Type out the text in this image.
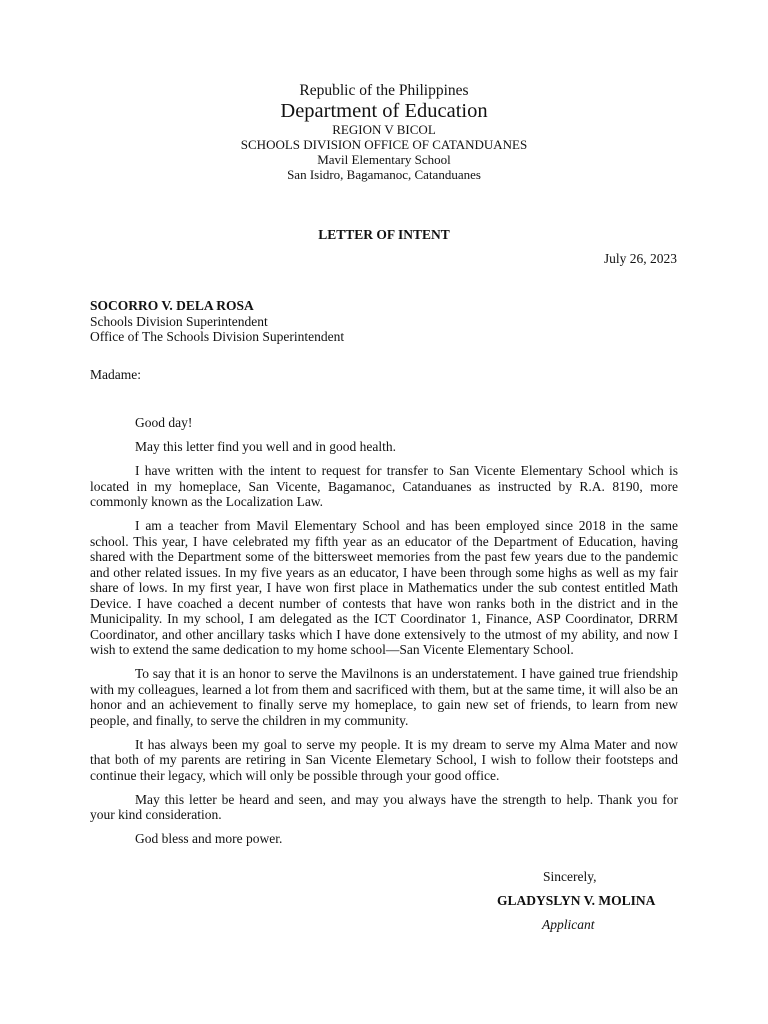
Republic of the Philippines
Department of Education
REGION V BICOL
SCHOOLS DIVISION OFFICE OF CATANDUANES
Mavil Elementary School
San Isidro, Bagamanoc, Catanduanes
LETTER OF INTENT
July 26, 2023
SOCORRO V. DELA ROSA
Schools Division Superintendent
Office of The Schools Division Superintendent
Madame:

Good day!

May this letter find you well and in good health.

I have written with the intent to request for transfer to San Vicente Elementary School which is located in my homeplace, San Vicente, Bagamanoc, Catanduanes as instructed by R.A. 8190, more commonly known as the Localization Law.

I am a teacher from Mavil Elementary School and has been employed since 2018 in the same school. This year, I have celebrated my fifth year as an educator of the Department of Education, having shared with the Department some of the bittersweet memories from the past few years due to the pandemic and other related issues. In my five years as an educator, I have been through some highs as well as my fair share of lows. In my first year, I have won first place in Mathematics under the sub contest entitled Math Device. I have coached a decent number of contests that have won ranks both in the district and in the Municipality. In my school, I am delegated as the ICT Coordinator 1, Finance, ASP Coordinator, DRRM Coordinator, and other ancillary tasks which I have done extensively to the utmost of my ability, and now I wish to extend the same dedication to my home school—San Vicente Elementary School.

To say that it is an honor to serve the Mavilnons is an understatement. I have gained true friendship with my colleagues, learned a lot from them and sacrificed with them, but at the same time, it will also be an honor and an achievement to finally serve my homeplace, to gain new set of friends, to learn from new people, and finally, to serve the children in my community.

It has always been my goal to serve my people. It is my dream to serve my Alma Mater and now that both of my parents are retiring in San Vicente Elemetary School, I wish to follow their footsteps and continue their legacy, which will only be possible through your good office.

May this letter be heard and seen, and may you always have the strength to help. Thank you for your kind consideration.

God bless and more power.

Sincerely,
GLADYSLYN V. MOLINA
Applicant
